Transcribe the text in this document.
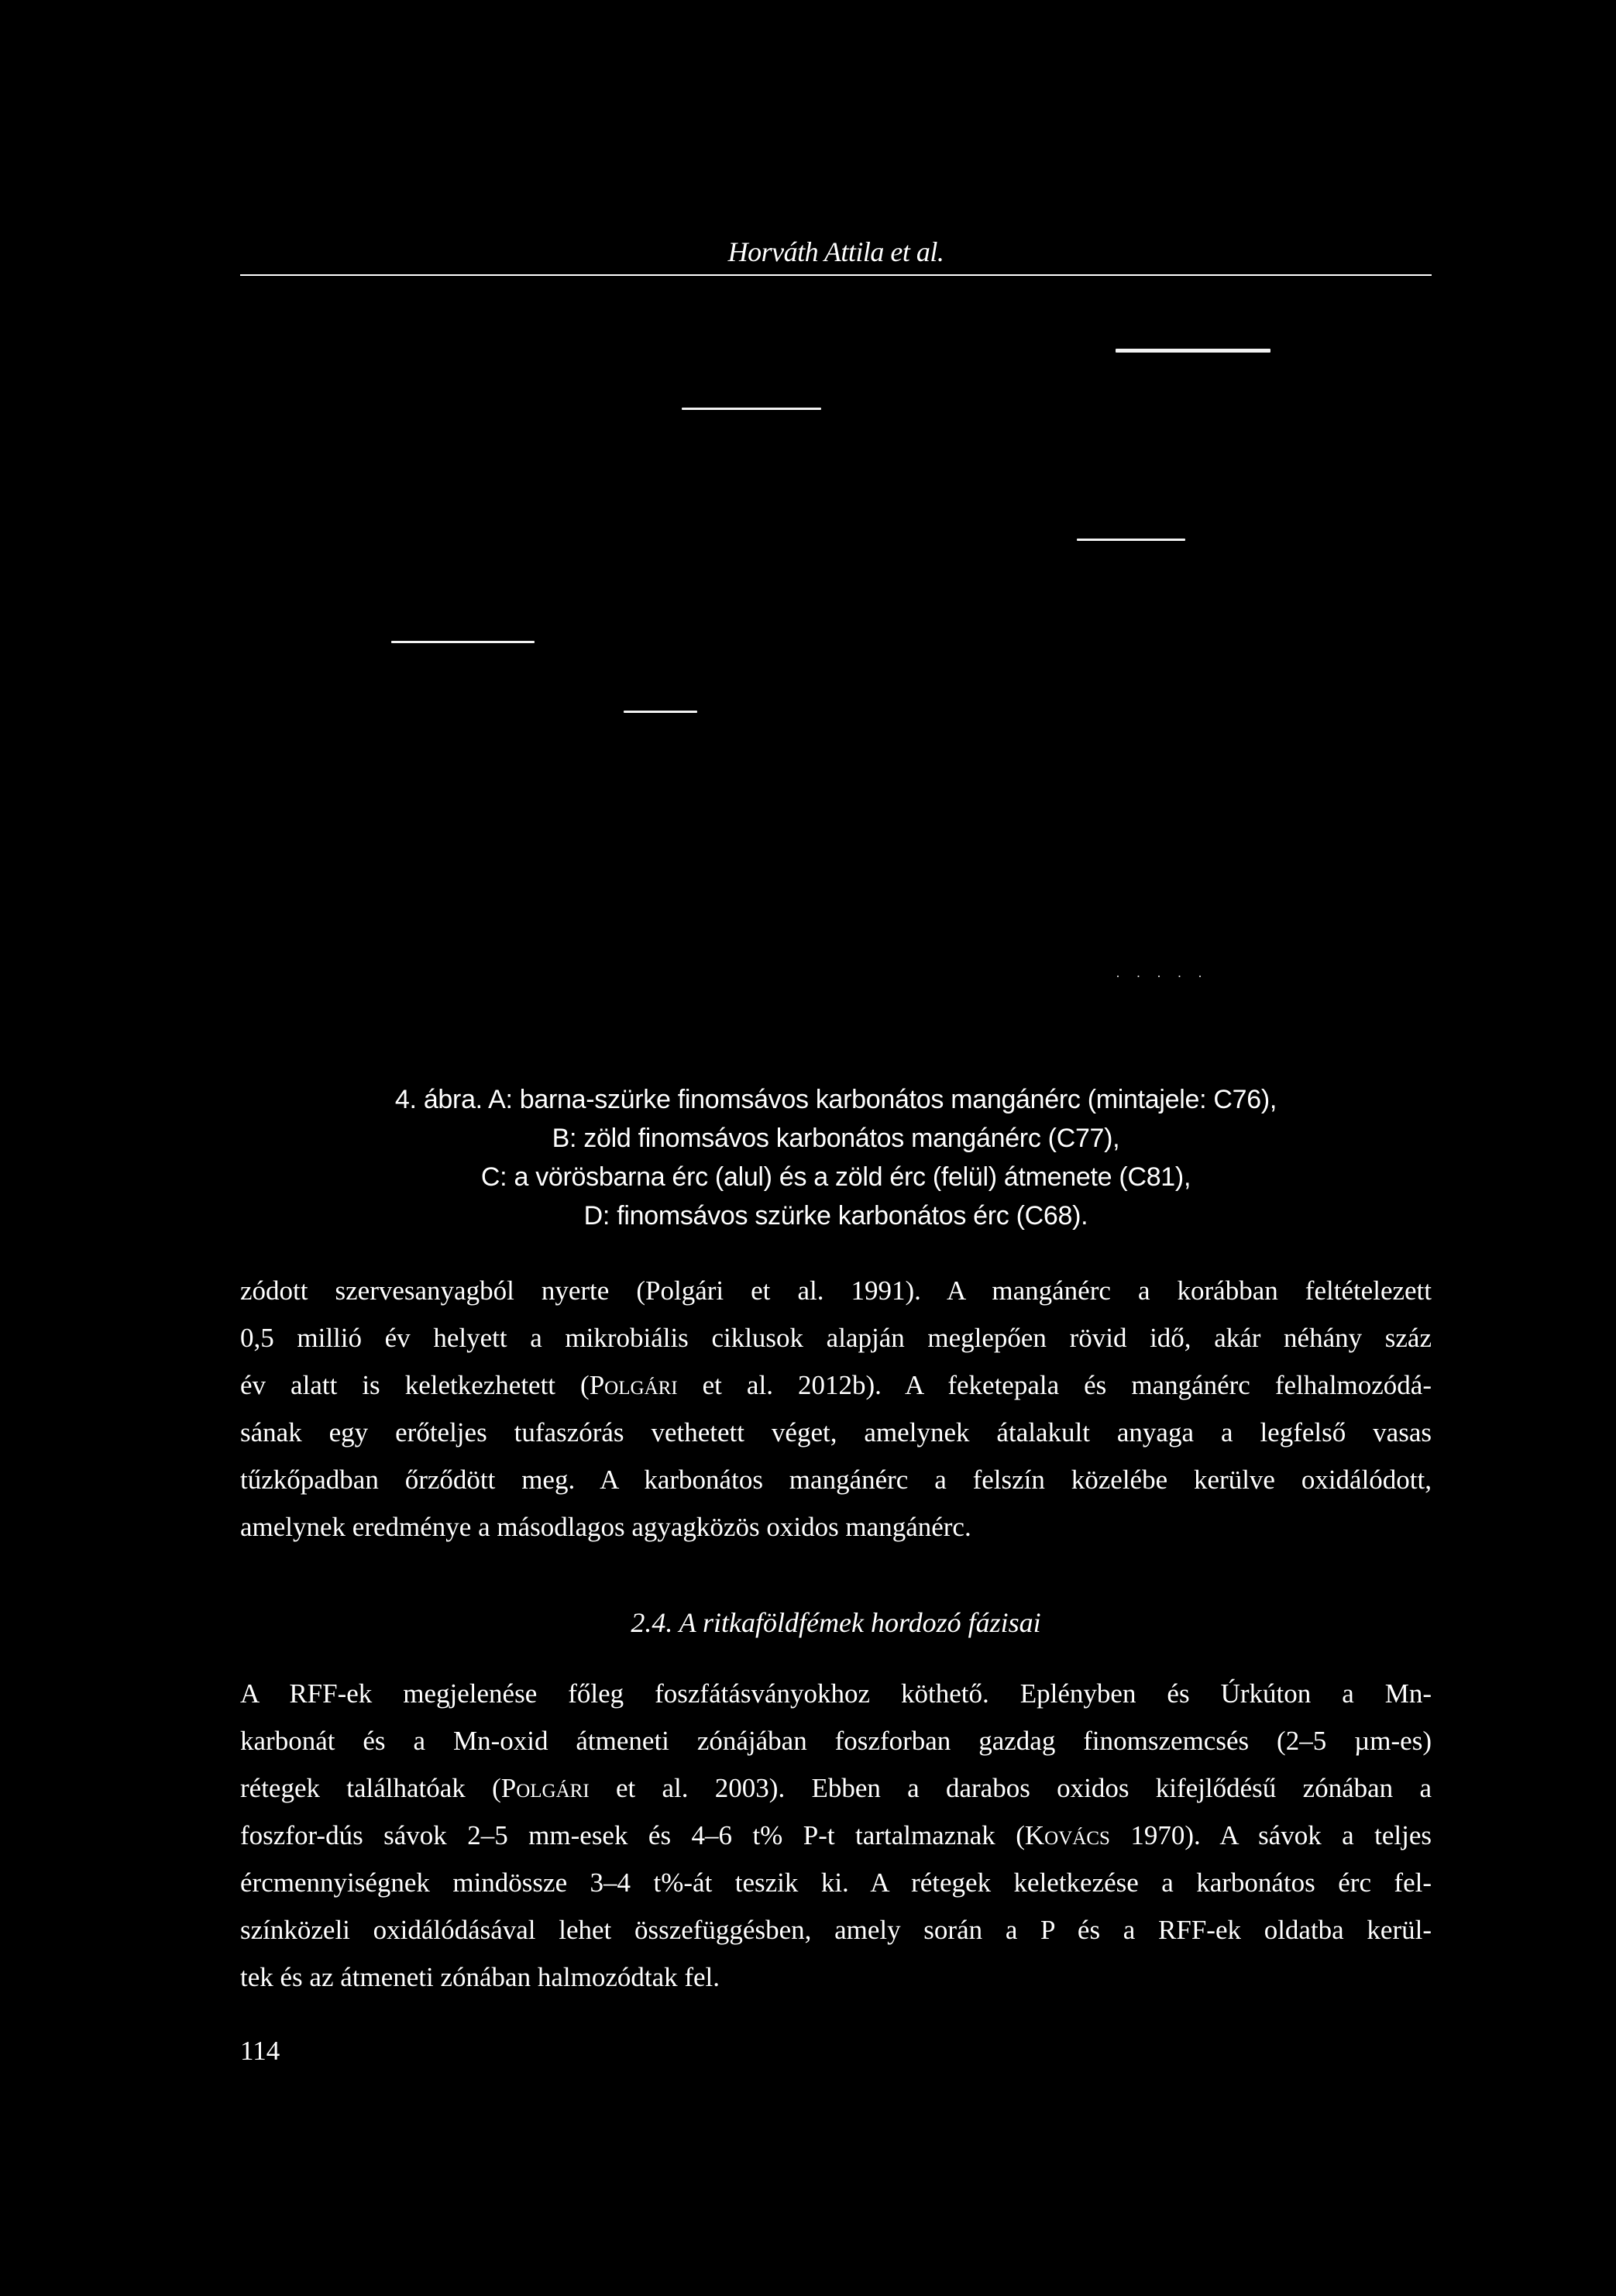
Horváth Attila et al.
· · · · ·
4. ábra. A: barna-szürke finomsávos karbonátos mangánérc (mintajele: C76),
B: zöld finomsávos karbonátos mangánérc (C77),
C: a vörösbarna érc (alul) és a zöld érc (felül) átmenete (C81),
D: finomsávos szürke karbonátos érc (C68).
zódott szervesanyagból nyerte (Polgári et al. 1991). A mangánérc a korábban feltételezett
0,5 millió év helyett a mikrobiális ciklusok alapján meglepően rövid idő, akár néhány száz
év alatt is keletkezhetett (Polgári et al. 2012b). A feketepala és mangánérc felhalmozódá-
sának egy erőteljes tufaszórás vethetett véget, amelynek átalakult anyaga a legfelső vasas
tűzkőpadban őrződött meg. A karbonátos mangánérc a felszín közelébe kerülve oxidálódott,
amelynek eredménye a másodlagos agyagközös oxidos mangánérc.
2.4. A ritkaföldfémek hordozó fázisai
A RFF-ek megjelenése főleg foszfátásványokhoz köthető. Eplényben és Úrkúton a Mn-
karbonát és a Mn-oxid átmeneti zónájában foszforban gazdag finomszemcsés (2–5 µm-es)
rétegek találhatóak (Polgári et al. 2003). Ebben a darabos oxidos kifejlődésű zónában a
foszfor-dús sávok 2–5 mm-esek és 4–6 t% P-t tartalmaznak (Kovács 1970). A sávok a teljes
ércmennyiségnek mindössze 3–4 t%-át teszik ki. A rétegek keletkezése a karbonátos érc fel-
színközeli oxidálódásával lehet összefüggésben, amely során a P és a RFF-ek oldatba kerül-
tek és az átmeneti zónában halmozódtak fel.
114
